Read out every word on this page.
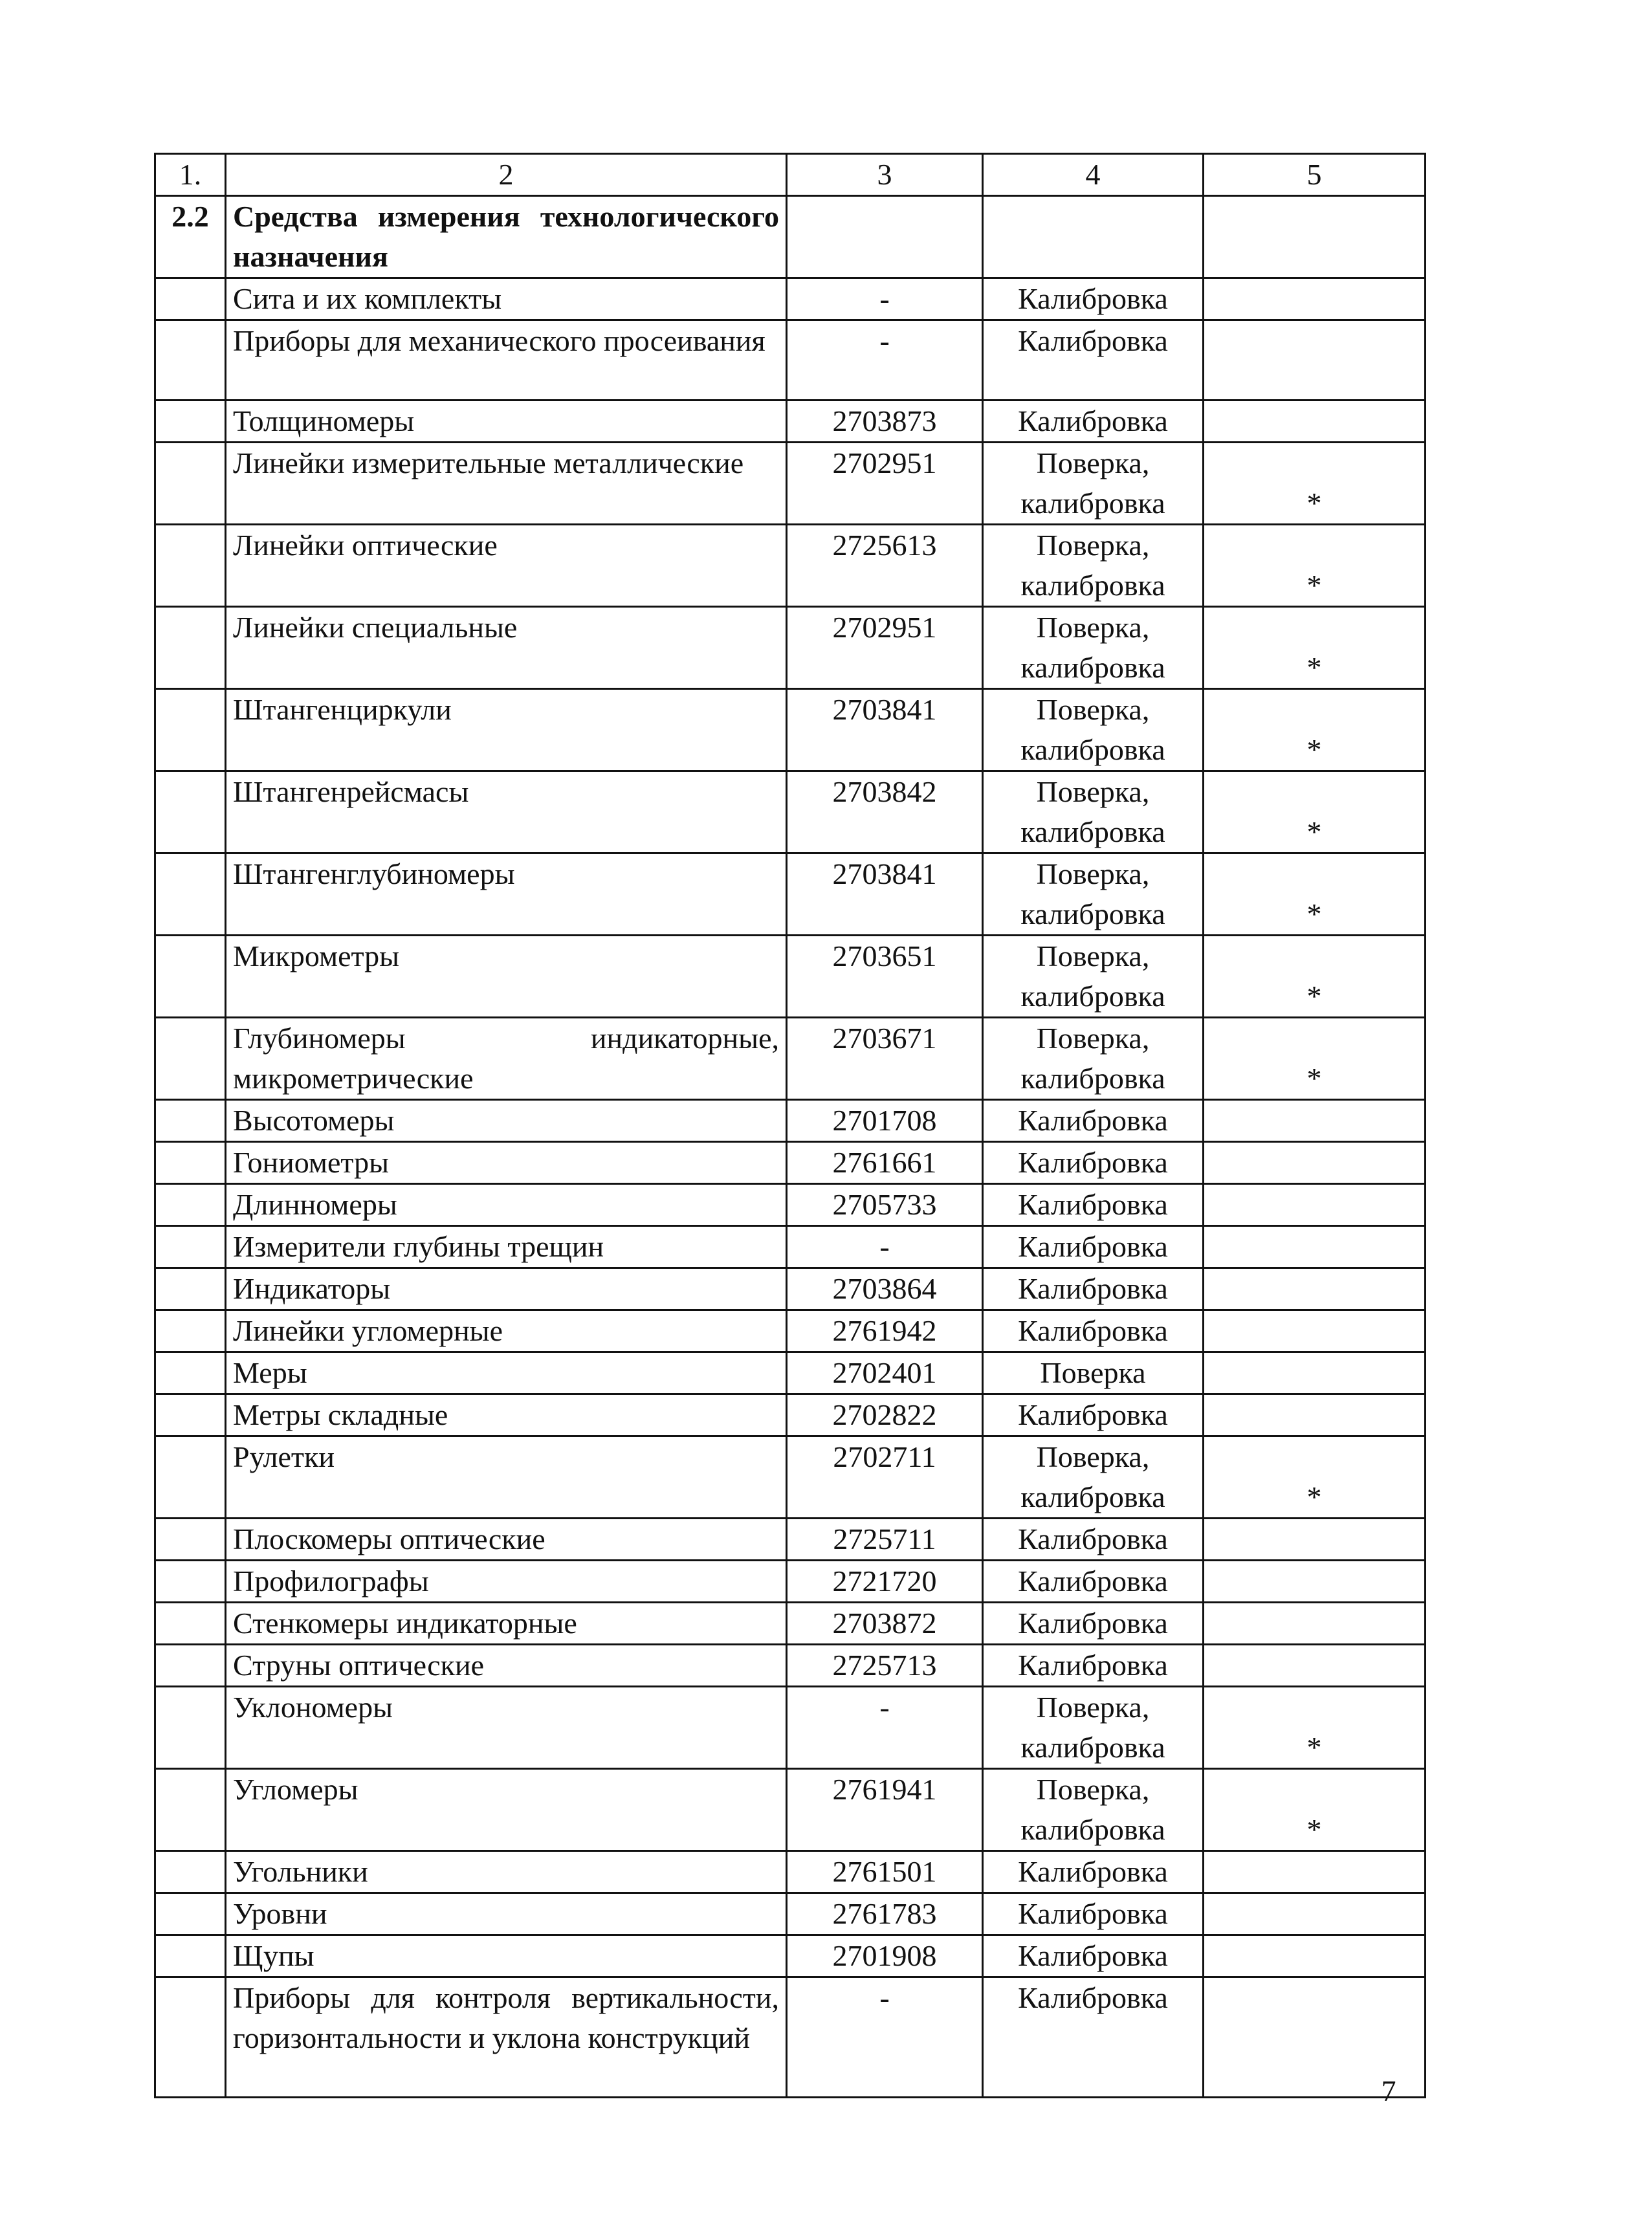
1.	2	3	4	5
2.2	Средства измерения технологического назначения			
	Сита и их комплекты	-	Калибровка	
	Приборы для механического просеивания	-	Калибровка	
	Толщиномеры	2703873	Калибровка	
	Линейки измерительные металлические	2702951	Поверка, калибровка	*
	Линейки оптические	2725613	Поверка, калибровка	*
	Линейки специальные	2702951	Поверка, калибровка	*
	Штангенциркули	2703841	Поверка, калибровка	*
	Штангенрейсмасы	2703842	Поверка, калибровка	*
	Штангенглубиномеры	2703841	Поверка, калибровка	*
	Микрометры	2703651	Поверка, калибровка	*
	Глубиномеры индикаторные, микрометрические	2703671	Поверка, калибровка	*
	Высотомеры	2701708	Калибровка	
	Гониометры	2761661	Калибровка	
	Длинномеры	2705733	Калибровка	
	Измерители глубины трещин	-	Калибровка	
	Индикаторы	2703864	Калибровка	
	Линейки угломерные	2761942	Калибровка	
	Меры	2702401	Поверка	
	Метры складные	2702822	Калибровка	
	Рулетки	2702711	Поверка, калибровка	*
	Плоскомеры оптические	2725711	Калибровка	
	Профилографы	2721720	Калибровка	
	Стенкомеры индикаторные	2703872	Калибровка	
	Струны оптические	2725713	Калибровка	
	Уклономеры	-	Поверка, калибровка	*
	Угломеры	2761941	Поверка, калибровка	*
	Угольники	2761501	Калибровка	
	Уровни	2761783	Калибровка	
	Щупы	2701908	Калибровка	
	Приборы для контроля вертикальности, горизонтальности и уклона конструкций	-	Калибровка	
7
